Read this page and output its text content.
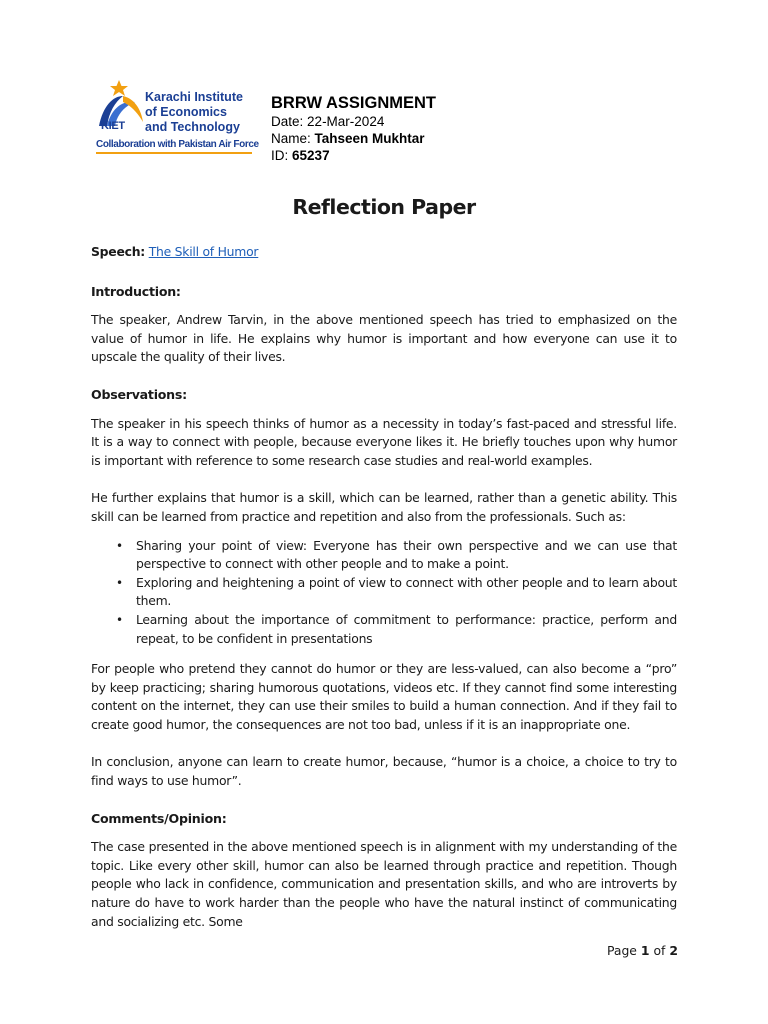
KIET
Karachi Institute
of Economics
and Technology
Collaboration with Pakistan Air Force
BRRW ASSIGNMENT
Date: 22-Mar-2024
Name: Tahseen Mukhtar
ID: 65237
Reflection Paper
Speech: The Skill of Humor
Introduction:

The speaker, Andrew Tarvin, in the above mentioned speech has tried to emphasized on the value of humor in life. He explains why humor is important and how everyone can use it to upscale the quality of their lives.

Observations:

The speaker in his speech thinks of humor as a necessity in today’s fast-paced and stressful life. It is a way to connect with people, because everyone likes it. He briefly touches upon why humor is important with reference to some research case studies and real-world examples.

He further explains that humor is a skill, which can be learned, rather than a genetic ability. This skill can be learned from practice and repetition and also from the professionals. Such as:

• Sharing your point of view: Everyone has their own perspective and we can use that perspective to connect with other people and to make a point.
• Exploring and heightening a point of view to connect with other people and to learn about them.
• Learning about the importance of commitment to performance: practice, perform and repeat, to be confident in presentations

For people who pretend they cannot do humor or they are less-valued, can also become a “pro” by keep practicing; sharing humorous quotations, videos etc. If they cannot find some interesting content on the internet, they can use their smiles to build a human connection. And if they fail to create good humor, the consequences are not too bad, unless if it is an inappropriate one.

In conclusion, anyone can learn to create humor, because, “humor is a choice, a choice to try to find ways to use humor”.

Comments/Opinion:

The case presented in the above mentioned speech is in alignment with my understanding of the topic. Like every other skill, humor can also be learned through practice and repetition. Though people who lack in confidence, communication and presentation skills, and who are introverts by nature do have to work harder than the people who have the natural instinct of communicating and socializing etc. Some

Page 1 of 2
